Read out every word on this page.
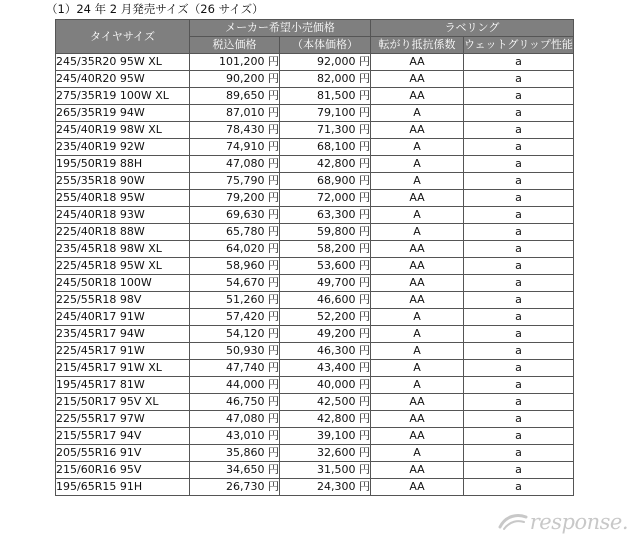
（1）24 年 2 月発売サイズ（26 サイズ）
タイヤサイズ	メーカー希望小売価格		ラベリング	
	税込価格	（本体価格）	転がり抵抗係数	ウェットグリップ性能
245/35R20 95W XL	101,200 円	92,000 円	AA	a
245/40R20 95W	90,200 円	82,000 円	AA	a
275/35R19 100W XL	89,650 円	81,500 円	AA	a
265/35R19 94W	87,010 円	79,100 円	A	a
245/40R19 98W XL	78,430 円	71,300 円	AA	a
235/40R19 92W	74,910 円	68,100 円	A	a
195/50R19 88H	47,080 円	42,800 円	A	a
255/35R18 90W	75,790 円	68,900 円	A	a
255/40R18 95W	79,200 円	72,000 円	AA	a
245/40R18 93W	69,630 円	63,300 円	A	a
225/40R18 88W	65,780 円	59,800 円	A	a
235/45R18 98W XL	64,020 円	58,200 円	AA	a
225/45R18 95W XL	58,960 円	53,600 円	AA	a
245/50R18 100W	54,670 円	49,700 円	AA	a
225/55R18 98V	51,260 円	46,600 円	AA	a
245/40R17 91W	57,420 円	52,200 円	A	a
235/45R17 94W	54,120 円	49,200 円	A	a
225/45R17 91W	50,930 円	46,300 円	A	a
215/45R17 91W XL	47,740 円	43,400 円	A	a
195/45R17 81W	44,000 円	40,000 円	A	a
215/50R17 95V XL	46,750 円	42,500 円	AA	a
225/55R17 97W	47,080 円	42,800 円	AA	a
215/55R17 94V	43,010 円	39,100 円	AA	a
205/55R16 91V	35,860 円	32,600 円	A	a
215/60R16 95V	34,650 円	31,500 円	AA	a
195/65R15 91H	26,730 円	24,300 円	AA	a
response.
